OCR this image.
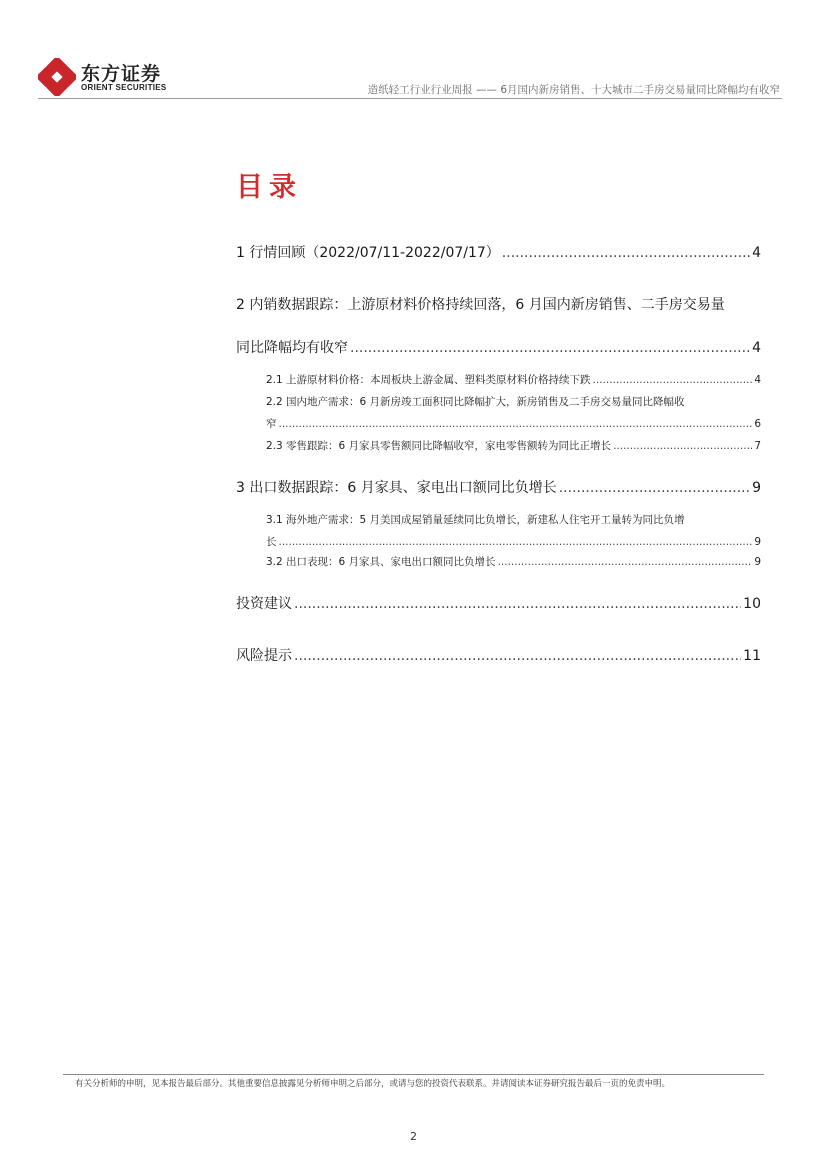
东方证券
ORIENT SECURITIES	造纸轻工行业行业周报 —— 6月国内新房销售、十大城市二手房交易量同比降幅均有收窄
目录
1 行情回顾（2022/07/11-2022/07/17） .....	4
2 内销数据跟踪：上游原材料价格持续回落，6 月国内新房销售、二手房交易量
同比降幅均有收窄 .....	4
2.1 上游原材料价格：本周板块上游金属、塑料类原材料价格持续下跌 .....	4
2.2 国内地产需求：6 月新房竣工面积同比降幅扩大，新房销售及二手房交易量同比降幅收
窄 .....	6
2.3 零售跟踪：6 月家具零售额同比降幅收窄，家电零售额转为同比正增长 .....	7
3 出口数据跟踪：6 月家具、家电出口额同比负增长 .....	9
3.1 海外地产需求：5 月美国成屋销量延续同比负增长，新建私人住宅开工量转为同比负增
长 .....	9
3.2 出口表现：6 月家具、家电出口额同比负增长 .....	9
投资建议 .....	10
风险提示 .....	11
有关分析师的申明，见本报告最后部分。其他重要信息披露见分析师申明之后部分，或请与您的投资代表联系。并请阅读本证券研究报告最后一页的免责申明。
2
